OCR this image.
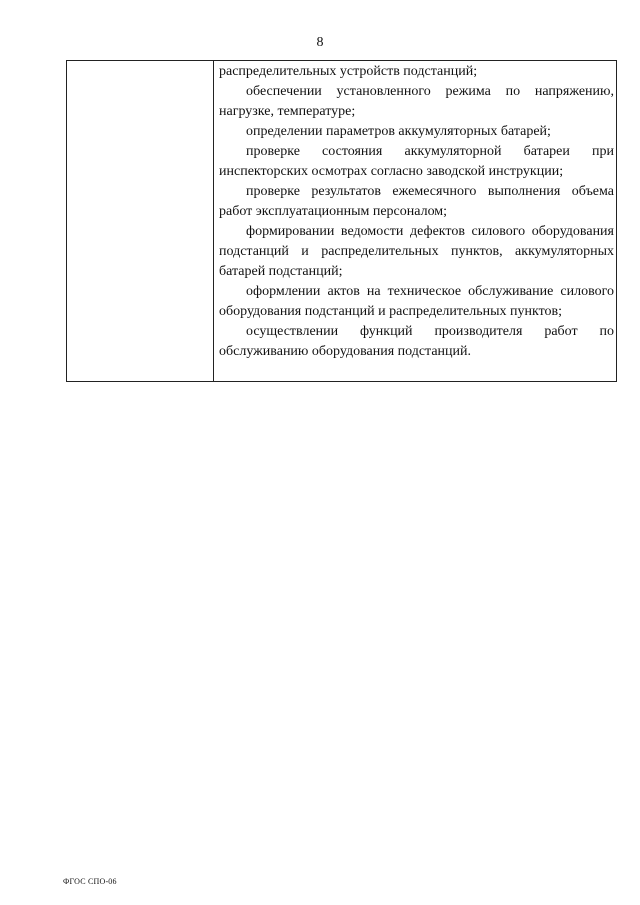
8

распределительных устройств подстанций;

обеспечении установленного режима по напряжению, нагрузке, температуре;

определении параметров аккумуляторных батарей;

проверке состояния аккумуляторной батареи при инспекторских осмотрах согласно заводской инструкции;

проверке результатов ежемесячного выполнения объема работ эксплуатационным персоналом;

формировании ведомости дефектов силового оборудования подстанций и распределительных пунктов, аккумуляторных батарей подстанций;

оформлении актов на техническое обслуживание силового оборудования подстанций и распределительных пунктов;

осуществлении функций производителя работ по обслуживанию оборудования подстанций.

ФГОС СПО-06
